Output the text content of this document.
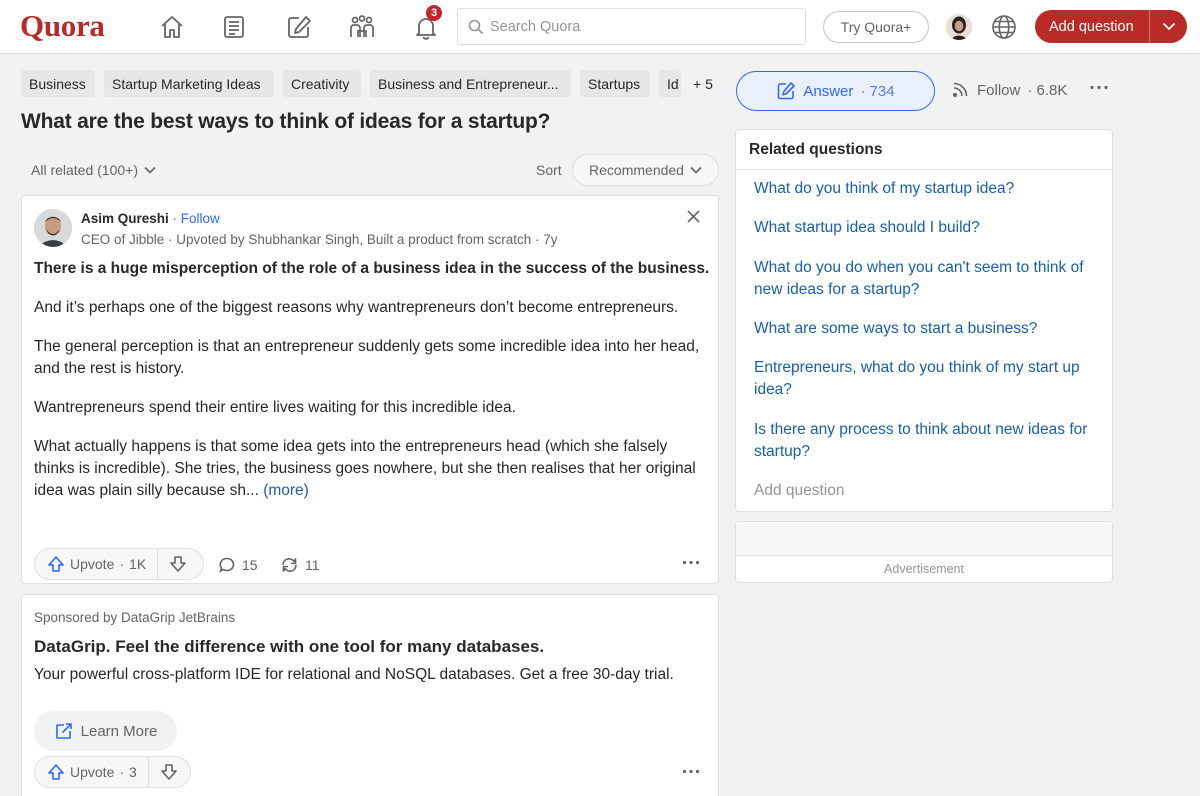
Quora	3
Search Quora
Try Quora+	Add question
Business	Startup Marketing Ideas	Creativity	Business and Entrepreneur...	Startups	Id + 5
What are the best ways to think of ideas for a startup?
All related (100+)	Sort Recommended
Asim Qureshi · Follow
CEO of Jibble · Upvoted by Shubhankar Singh, Built a product from scratch · 7y

There is a huge misperception of the role of a business idea in the success of the business.

And it’s perhaps one of the biggest reasons why wantrepreneurs don’t become entrepreneurs.

The general perception is that an entrepreneur suddenly gets some incredible idea into her head, and the rest is history.

Wantrepreneurs spend their entire lives waiting for this incredible idea.

What actually happens is that some idea gets into the entrepreneurs head (which she falsely thinks is incredible). She tries, the business goes nowhere, but she then realises that her original idea was plain silly because sh... (more)

Upvote · 1K	15	11
Sponsored by DataGrip JetBrains
DataGrip. Feel the difference with one tool for many databases.
Your powerful cross-platform IDE for relational and NoSQL databases. Get a free 30-day trial.
Learn More
Upvote · 3
Answer · 734	Follow · 6.8K
Related questions
What do you think of my startup idea?
What startup idea should I build?
What do you do when you can't seem to think of new ideas for a startup?
What are some ways to start a business?
Entrepreneurs, what do you think of my start up idea?
Is there any process to think about new ideas for startup?
Add question
Advertisement
